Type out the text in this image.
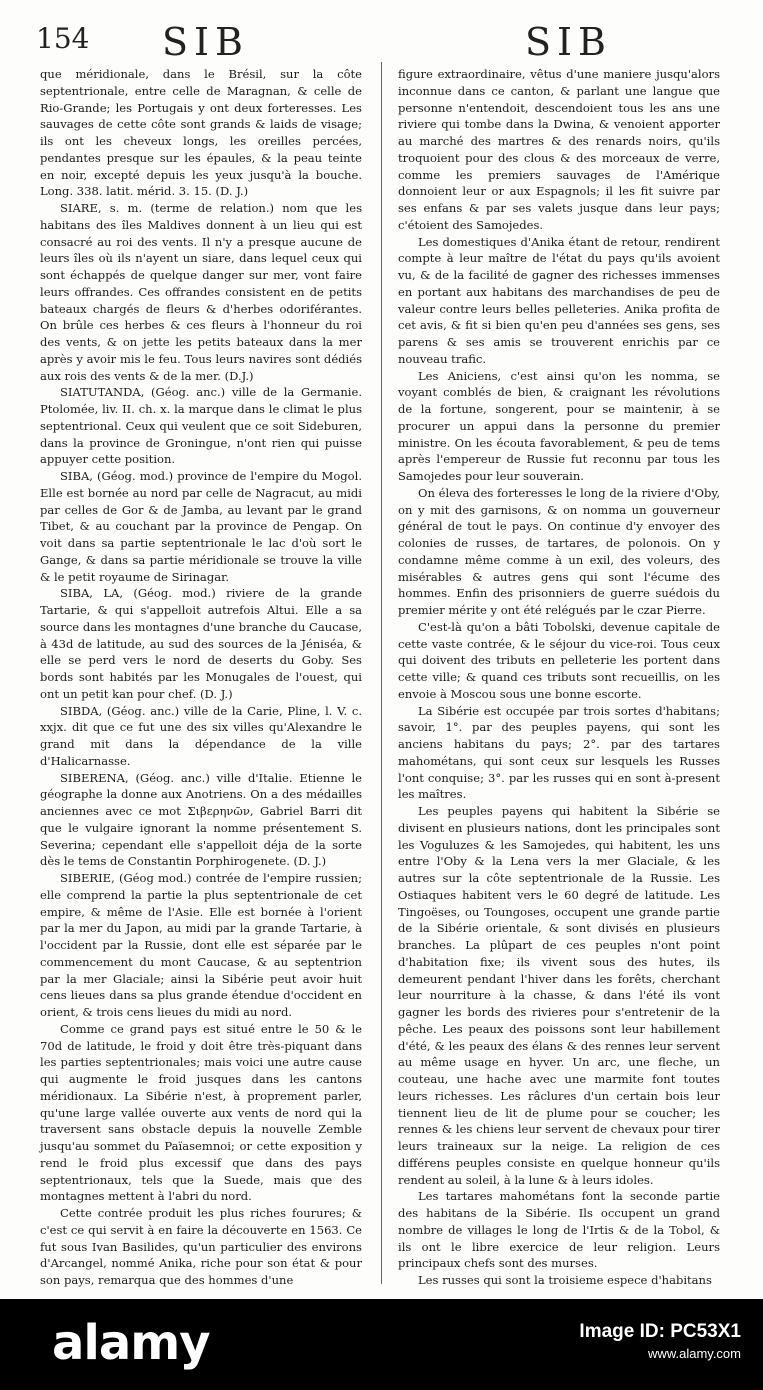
154 SIB	SIB

que méridionale, dans le Brésil, sur la côte septentrionale, entre celle de Maragnan, & celle de Rio-Grande; les Portugais y ont deux forteresses. Les sauvages de cette côte sont grands & laids de visage; ils ont les cheveux longs, les oreilles percées, pendantes presque sur les épaules, & la peau teinte en noir, excepté depuis les yeux jusqu'à la bouche. Long. 338. latit. mérid. 3. 15. (D. J.)

SIARE, s. m. (terme de relation.) nom que les habitans des îles Maldives donnent à un lieu qui est consacré au roi des vents. Il n'y a presque aucune de leurs îles où ils n'ayent un siare, dans lequel ceux qui sont échappés de quelque danger sur mer, vont faire leurs offrandes. Ces offrandes consistent en de petits bateaux chargés de fleurs & d'herbes odoriférantes. On brûle ces herbes & ces fleurs à l'honneur du roi des vents, & on jette les petits bateaux dans la mer après y avoir mis le feu. Tous leurs navires sont dédiés aux rois des vents & de la mer. (D.J.)

SIATUTANDA, (Géog. anc.) ville de la Germanie. Ptolomée, liv. II. ch. x. la marque dans le climat le plus septentrional. Ceux qui veulent que ce soit Sideburen, dans la province de Groningue, n'ont rien qui puisse appuyer cette position.

SIBA, (Géog. mod.) province de l'empire du Mogol. Elle est bornée au nord par celle de Nagracut, au midi par celles de Gor & de Jamba, au levant par le grand Tibet, & au couchant par la province de Pengap. On voit dans sa partie septentrionale le lac d'où sort le Gange, & dans sa partie méridionale se trouve la ville & le petit royaume de Sirinagar.

SIBA, LA, (Géog. mod.) riviere de la grande Tartarie, & qui s'appelloit autrefois Altui. Elle a sa source dans les montagnes d'une branche du Caucase, à 43d de latitude, au sud des sources de la Jéniséa, & elle se perd vers le nord de deserts du Goby. Ses bords sont habités par les Monugales de l'ouest, qui ont un petit kan pour chef. (D. J.)

SIBDA, (Géog. anc.) ville de la Carie, Pline, l. V. c. xxjx. dit que ce fut une des six villes qu'Alexandre le grand mit dans la dépendance de la ville d'Halicarnasse.

SIBERENA, (Géog. anc.) ville d'Italie. Etienne le géographe la donne aux Anotriens. On a des médailles anciennes avec ce mot Σιβερηνῶν, Gabriel Barri dit que le vulgaire ignorant la nomme présentement S. Severina; cependant elle s'appelloit déja de la sorte dès le tems de Constantin Porphirogenete. (D. J.)

SIBERIE, (Géog mod.) contrée de l'empire russien; elle comprend la partie la plus septentrionale de cet empire, & même de l'Asie. Elle est bornée à l'orient par la mer du Japon, au midi par la grande Tartarie, à l'occident par la Russie, dont elle est séparée par le commencement du mont Caucase, & au septentrion par la mer Glaciale; ainsi la Sibérie peut avoir huit cens lieues dans sa plus grande étendue d'occident en orient, & trois cens lieues du midi au nord.

Comme ce grand pays est situé entre le 50 & le 70d de latitude, le froid y doit être très-piquant dans les parties septentrionales; mais voici une autre cause qui augmente le froid jusques dans les cantons méridionaux. La Sibérie n'est, à proprement parler, qu'une large vallée ouverte aux vents de nord qui la traversent sans obstacle depuis la nouvelle Zemble jusqu'au sommet du Païasemnoi; or cette exposition y rend le froid plus excessif que dans des pays septentrionaux, tels que la Suede, mais que des montagnes mettent à l'abri du nord.

Cette contrée produit les plus riches fourures; & c'est ce qui servit à en faire la découverte en 1563. Ce fut sous Ivan Basilides, qu'un particulier des environs d'Arcangel, nommé Anika, riche pour son état & pour son pays, remarqua que des hommes d'une

figure extraordinaire, vêtus d'une maniere jusqu'alors inconnue dans ce canton, & parlant une langue que personne n'entendoit, descendoient tous les ans une riviere qui tombe dans la Dwina, & venoient apporter au marché des martres & des renards noirs, qu'ils troquoient pour des clous & des morceaux de verre, comme les premiers sauvages de l'Amérique donnoient leur or aux Espagnols; il les fit suivre par ses enfans & par ses valets jusque dans leur pays; c'étoient des Samojedes.

Les domestiques d'Anika étant de retour, rendirent compte à leur maître de l'état du pays qu'ils avoient vu, & de la facilité de gagner des richesses immenses en portant aux habitans des marchandises de peu de valeur contre leurs belles pelleteries. Anika profita de cet avis, & fit si bien qu'en peu d'années ses gens, ses parens & ses amis se trouverent enrichis par ce nouveau trafic.

Les Aniciens, c'est ainsi qu'on les nomma, se voyant comblés de bien, & craignant les révolutions de la fortune, songerent, pour se maintenir, à se procurer un appui dans la personne du premier ministre. On les écouta favorablement, & peu de tems après l'empereur de Russie fut reconnu par tous les Samojedes pour leur souverain.

On éleva des forteresses le long de la riviere d'Oby, on y mit des garnisons, & on nomma un gouverneur général de tout le pays. On continue d'y envoyer des colonies de russes, de tartares, de polonois. On y condamne même comme à un exil, des voleurs, des misérables & autres gens qui sont l'écume des hommes. Enfin des prisonniers de guerre suédois du premier mérite y ont été relégués par le czar Pierre.

C'est-là qu'on a bâti Tobolski, devenue capitale de cette vaste contrée, & le séjour du vice-roi. Tous ceux qui doivent des tributs en pelleterie les portent dans cette ville; & quand ces tributs sont recueillis, on les envoie à Moscou sous une bonne escorte.

La Sibérie est occupée par trois sortes d'habitans; savoir, 1°. par des peuples payens, qui sont les anciens habitans du pays; 2°. par des tartares mahométans, qui sont ceux sur lesquels les Russes l'ont conquise; 3°. par les russes qui en sont à-present les maîtres.

Les peuples payens qui habitent la Sibérie se divisent en plusieurs nations, dont les principales sont les Voguluzes & les Samojedes, qui habitent, les uns entre l'Oby & la Lena vers la mer Glaciale, & les autres sur la côte septentrionale de la Russie. Les Ostiaques habitent vers le 60 degré de latitude. Les Tingoëses, ou Toungoses, occupent une grande partie de la Sibérie orientale, & sont divisés en plusieurs branches. La plûpart de ces peuples n'ont point d'habitation fixe; ils vivent sous des hutes, ils demeurent pendant l'hiver dans les forêts, cherchant leur nourriture à la chasse, & dans l'été ils vont gagner les bords des rivieres pour s'entretenir de la pêche. Les peaux des poissons sont leur habillement d'été, & les peaux des élans & des rennes leur servent au même usage en hyver. Un arc, une fleche, un couteau, une hache avec une marmite font toutes leurs richesses. Les râclures d'un certain bois leur tiennent lieu de lit de plume pour se coucher; les rennes & les chiens leur servent de chevaux pour tirer leurs traineaux sur la neige. La religion de ces différens peuples consiste en quelque honneur qu'ils rendent au soleil, à la lune & à leurs idoles.

Les tartares mahométans font la seconde partie des habitans de la Sibérie. Ils occupent un grand nombre de villages le long de l'Irtis & de la Tobol, & ils ont le libre exercice de leur religion. Leurs principaux chefs sont des murses.

Les russes qui sont la troisieme espece d'habitans

alamy	Image ID: PC53X1
www.alamy.com
